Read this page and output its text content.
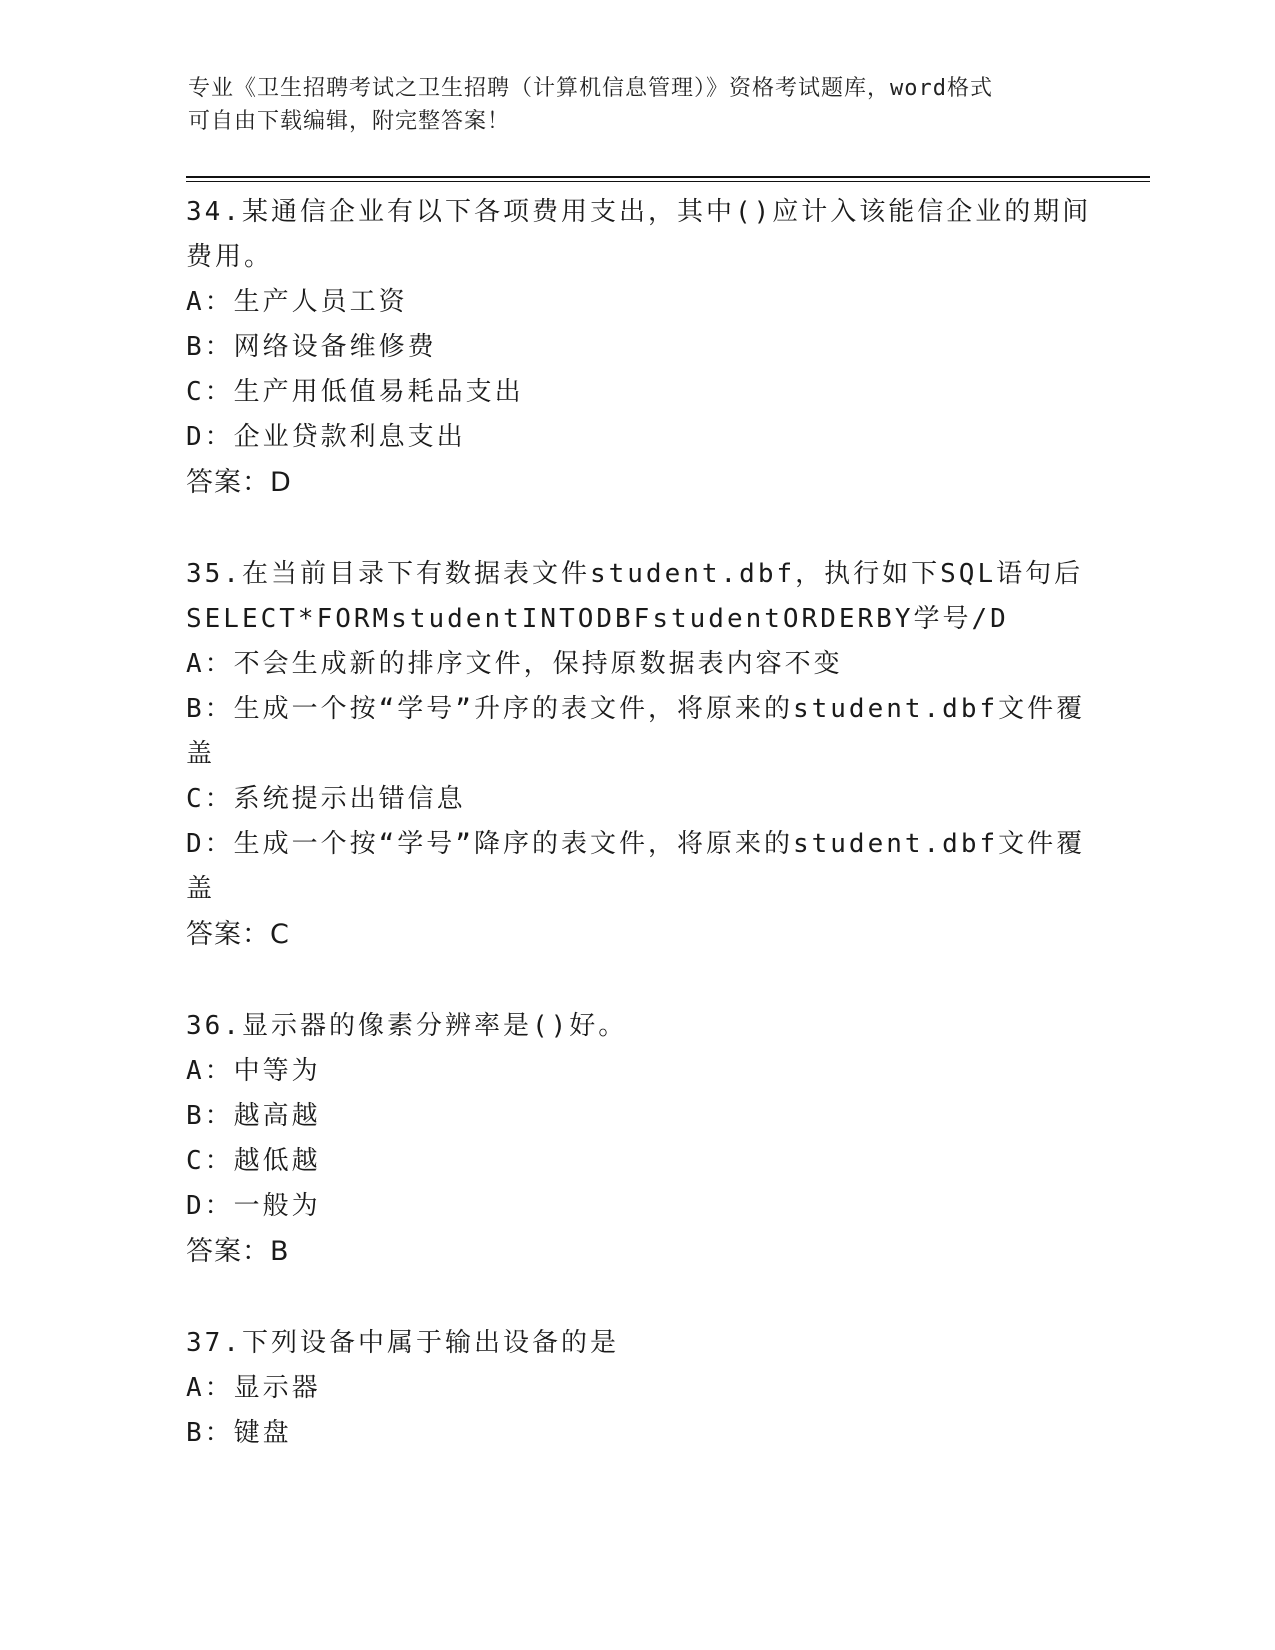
专业《卫生招聘考试之卫生招聘（计算机信息管理）》资格考试题库，word格式
可自由下载编辑，附完整答案！
34.某通信企业有以下各项费用支出，其中()应计入该能信企业的期间
费用。
A：生产人员工资
B：网络设备维修费
C：生产用低值易耗品支出
D：企业贷款利息支出
答案：D
35.在当前目录下有数据表文件student.dbf，执行如下SQL语句后
SELECT*FORMstudentINTODBFstudentORDERBY学号/D
A：不会生成新的排序文件，保持原数据表内容不变
B：生成一个按“学号”升序的表文件，将原来的student.dbf文件覆
盖
C：系统提示出错信息
D：生成一个按“学号”降序的表文件，将原来的student.dbf文件覆
盖
答案：C
36.显示器的像素分辨率是()好。
A：中等为
B：越高越
C：越低越
D：一般为
答案：B
37.下列设备中属于输出设备的是
A：显示器
B：键盘
